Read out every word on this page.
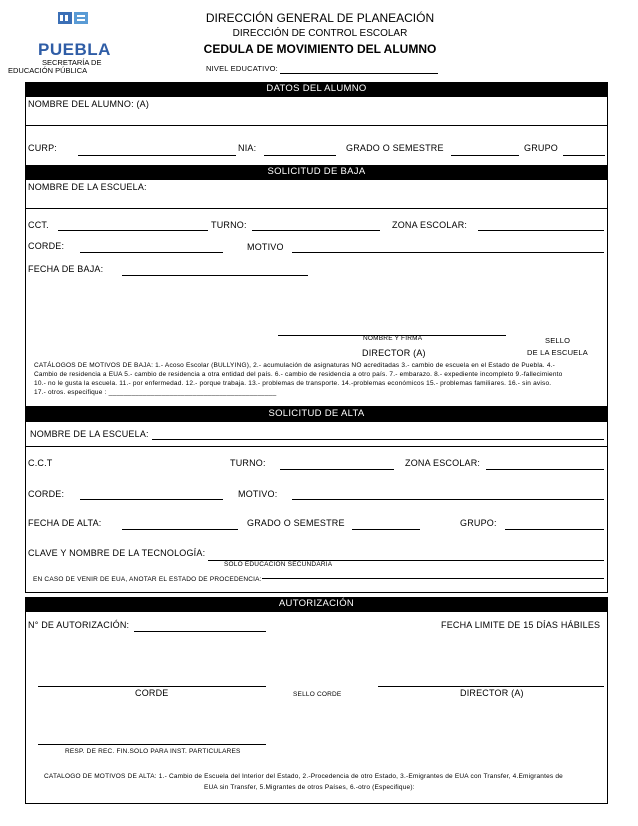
PUEBLA
SECRETARÍA DE
EDUCACIÓN PÚBLICA
DIRECCIÓN GENERAL DE PLANEACIÓN
DIRECCIÓN DE CONTROL ESCOLAR
CEDULA DE MOVIMIENTO DEL ALUMNO
NIVEL EDUCATIVO:
DATOS DEL ALUMNO
NOMBRE DEL ALUMNO: (A)
CURP:	NIA:	GRADO O SEMESTRE	GRUPO
SOLICITUD DE BAJA
NOMBRE DE LA ESCUELA:
CCT.	TURNO:	ZONA ESCOLAR:
CORDE:	MOTIVO
FECHA DE BAJA:
NOMBRE Y FIRMA
DIRECTOR (A)
SELLO
DE LA ESCUELA
CATÁLOGOS DE MOTIVOS DE BAJA: 1.- Acoso Escolar (BULLYING), 2.- acumulación de asignaturas NO acreditadas 3.- cambio de escuela en el Estado de Puebla. 4.-
Cambio de residencia a EUA 5.- cambio de residencia a otra entidad del país. 6.- cambio de residencia a otro país. 7.- embarazo. 8.- expediente incompleto 9.-fallecimiento
10.- no le gusta la escuela. 11.- por enfermedad. 12.- porque trabaja. 13.- problemas de transporte. 14.-problemas económicos 15.- problemas familiares. 16.- sin aviso.
17.- otros. especifique : ____________________________________________
SOLICITUD DE ALTA
NOMBRE DE LA ESCUELA:
C.C.T	TURNO:	ZONA ESCOLAR:
CORDE:	MOTIVO:
FECHA DE ALTA:	GRADO O SEMESTRE	GRUPO:
CLAVE Y NOMBRE DE LA TECNOLOGÍA:
SOLO EDUCACIÓN SECUNDARIA
EN CASO DE VENIR DE EUA, ANOTAR EL ESTADO DE PROCEDENCIA:
AUTORIZACIÓN
N° DE AUTORIZACIÓN:	FECHA LIMITE DE 15 DÍAS HÁBILES
CORDE	SELLO CORDE	DIRECTOR (A)
RESP. DE REC. FIN.SOLO PARA INST. PARTICULARES
CATALOGO DE MOTIVOS DE ALTA: 1.- Cambio de Escuela del Interior del Estado, 2.-Procedencia de otro Estado, 3.-Emigrantes de EUA con Transfer, 4.Emigrantes de
EUA sin Transfer, 5.Migrantes de otros Países, 6.-otro (Especifique):
